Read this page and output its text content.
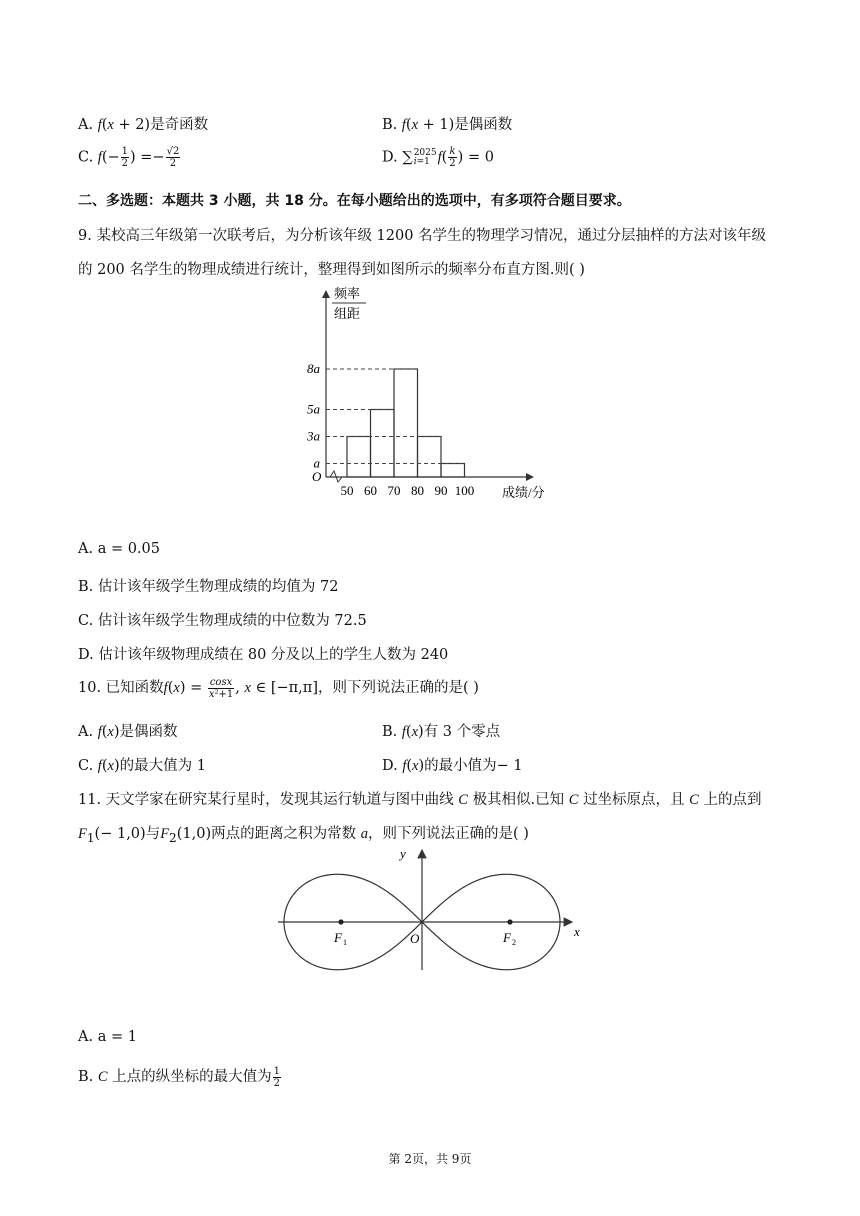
A. f(x + 2)是奇函数	B. f(x + 1)是偶函数
C. $f(- \frac{1}{2}$ ) =− $\frac{√2}{2}$	D. ∑ 2025
i=1 $f( \frac{k}{2}$ ) = 0
二、多选题：本题共 3 小题，共 18 分。在每小题给出的选项中，有多项符合题目要求。
9. 某校高三年级第一次联考后，为分析该年级 1200 名学生的物理学习情况，通过分层抽样的方法对该年级
的 200 名学生的物理成绩进行统计，整理得到如图所示的频率分布直方图.则( )
频率
组距
a
3a
5a
8a
50 60 70 80 90 100
O
成绩/分
A. a = 0.05
B. 估计该年级学生物理成绩的均值为 72
C. 估计该年级学生物理成绩的中位数为 72.5
D. 估计该年级物理成绩在 80 分及以上的学生人数为 240
10. 已知函数$f(x) = \frac{\cos x}{\text{x²+1}}$ , x ∈ [−π,π]，则下列说法正确的是( )
A. f(x)是偶函数	B. f(x)有 3 个零点
C. f(x)的最大值为 1	D. f(x)的最小值为− 1
11. 天文学家在研究某行星时，发现其运行轨道与图中曲线 C 极其相似.已知 C 过坐标原点，且 C 上的点到
$F_1(- 1,0)$与$F_2(1,0)$两点的距离之积为常数 a，则下列说法正确的是( )
y
x
O
F 1	F 2
A. a = 1
B. C 上点的纵坐标的最大值为 $\frac{1}{2}$
第 2页，共 9页
